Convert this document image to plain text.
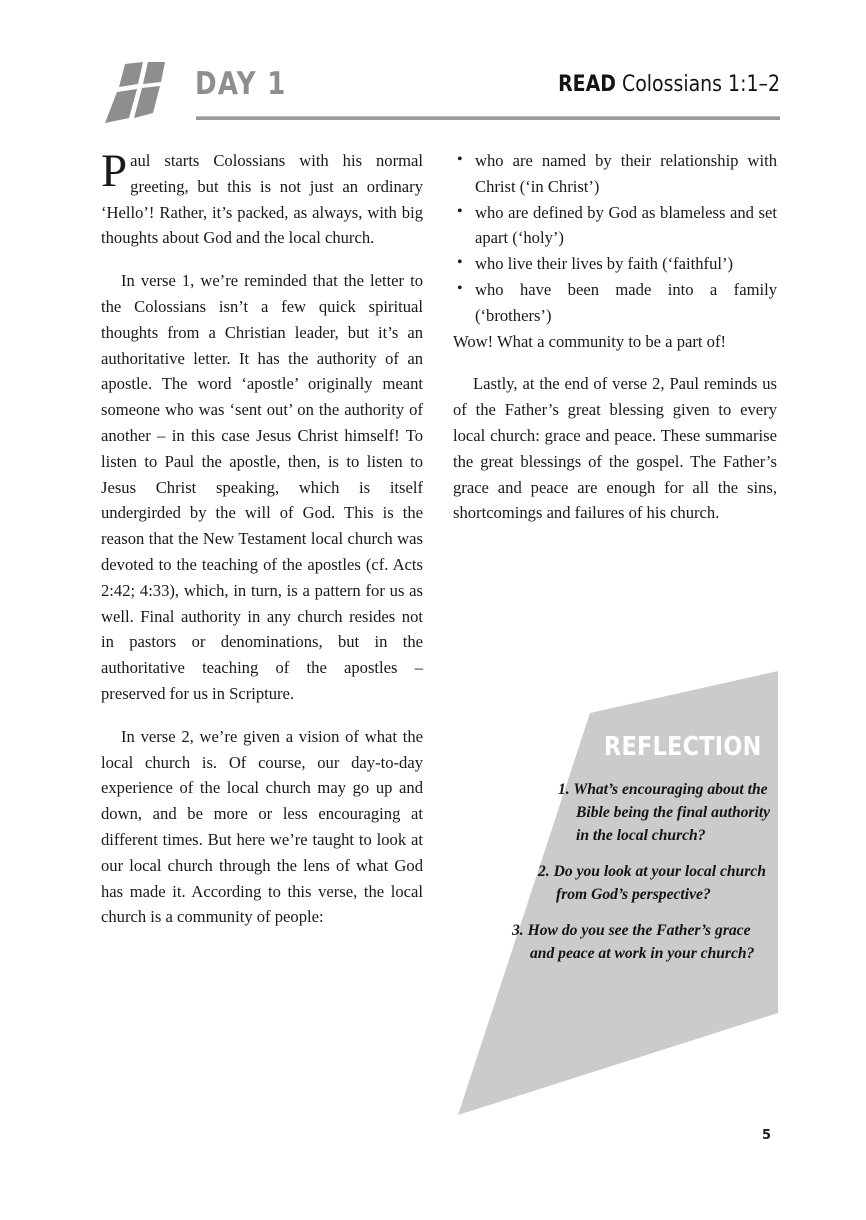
DAY 1	READ Colossians 1:1–2

Paul starts Colossians with his normal greeting, but this is not just an ordinary ‘Hello’! Rather, it’s packed, as always, with big thoughts about God and the local church.

In verse 1, we’re reminded that the letter to the Colossians isn’t a few quick spiritual thoughts from a Christian leader, but it’s an authoritative letter. It has the authority of an apostle. The word ‘apostle’ originally meant someone who was ‘sent out’ on the authority of another – in this case Jesus Christ himself! To listen to Paul the apostle, then, is to listen to Jesus Christ speaking, which is itself undergirded by the will of God. This is the reason that the New Testament local church was devoted to the teaching of the apostles (cf. Acts 2:42; 4:33), which, in turn, is a pattern for us as well. Final authority in any church resides not in pastors or denominations, but in the authoritative teaching of the apostles – preserved for us in Scripture.

In verse 2, we’re given a vision of what the local church is. Of course, our day-to-day experience of the local church may go up and down, and be more or less encouraging at different times. But here we’re taught to look at our local church through the lens of what God has made it. According to this verse, the local church is a community of people:

• who are named by their relationship with Christ (‘in Christ’)
• who are defined by God as blameless and set apart (‘holy’)
• who live their lives by faith (‘faithful’)
• who have been made into a family (‘brothers’)

Wow! What a community to be a part of!

Lastly, at the end of verse 2, Paul reminds us of the Father’s great blessing given to every local church: grace and peace. These summarise the great blessings of the gospel. The Father’s grace and peace are enough for all the sins, shortcomings and failures of his church.

REFLECTION
1. What’s encouraging about the Bible being the final authority in the local church?
2. Do you look at your local church from God’s perspective?
3. How do you see the Father’s grace and peace at work in your church?
5
